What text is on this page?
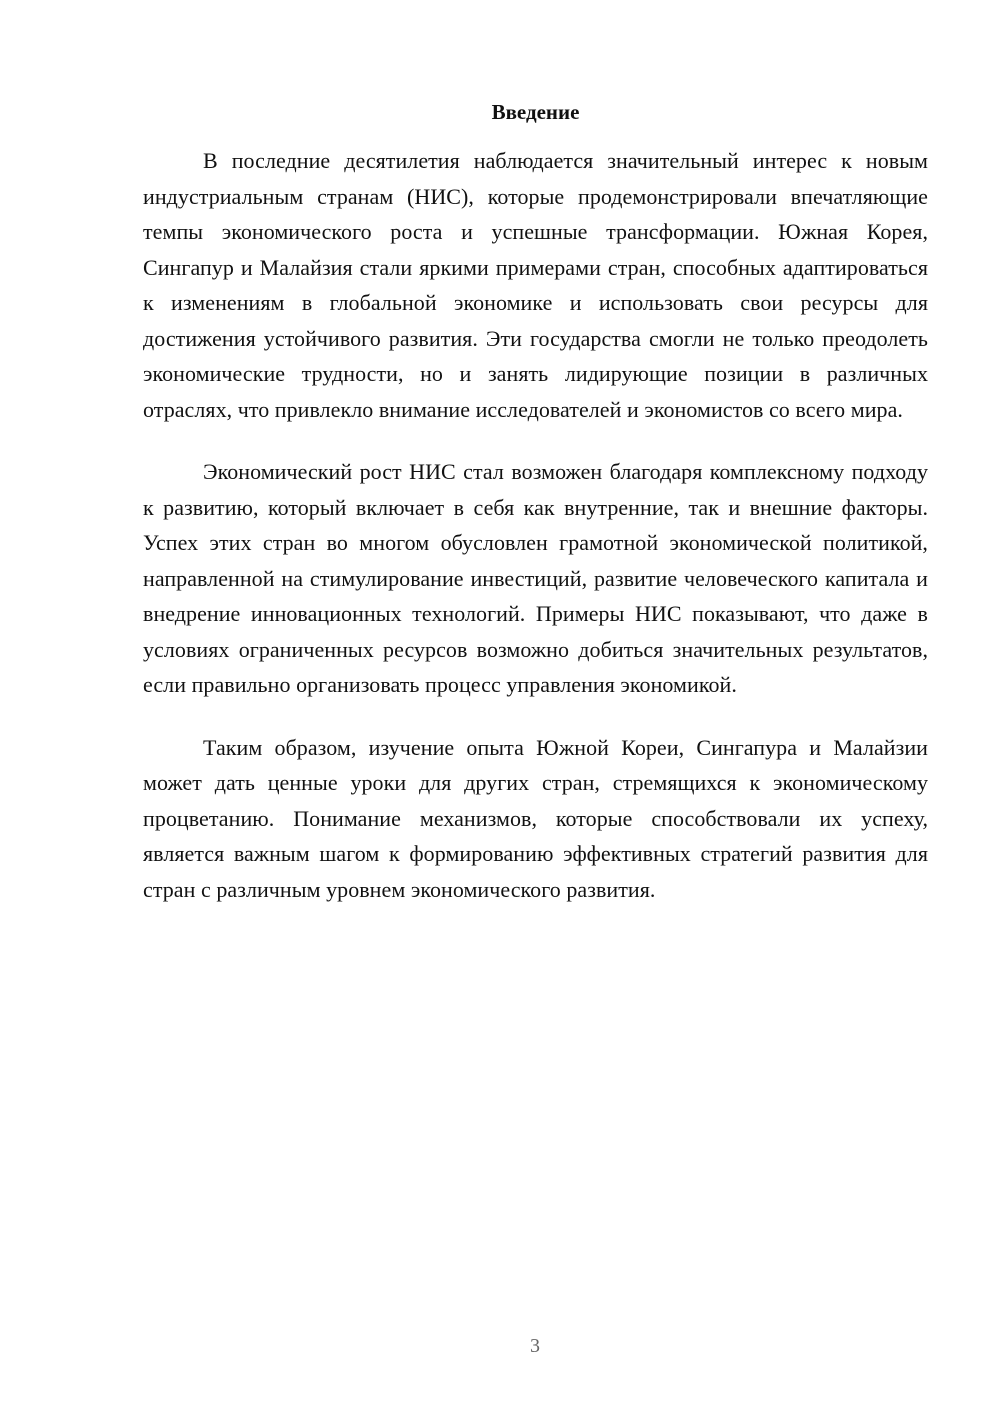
Введение

В последние десятилетия наблюдается значительный интерес к новым индустриальным странам (НИС), которые продемонстрировали впечатляющие темпы экономического роста и успешные трансформации. Южная Корея, Сингапур и Малайзия стали яркими примерами стран, способных адаптироваться к изменениям в глобальной экономике и использовать свои ресурсы для достижения устойчивого развития. Эти государства смогли не только преодолеть экономические трудности, но и занять лидирующие позиции в различных отраслях, что привлекло внимание исследователей и экономистов со всего мира.

Экономический рост НИС стал возможен благодаря комплексному подходу к развитию, который включает в себя как внутренние, так и внешние факторы. Успех этих стран во многом обусловлен грамотной экономической политикой, направленной на стимулирование инвестиций, развитие человеческого капитала и внедрение инновационных технологий. Примеры НИС показывают, что даже в условиях ограниченных ресурсов возможно добиться значительных результатов, если правильно организовать процесс управления экономикой.

Таким образом, изучение опыта Южной Кореи, Сингапура и Малайзии может дать ценные уроки для других стран, стремящихся к экономическому процветанию. Понимание механизмов, которые способствовали их успеху, является важным шагом к формированию эффективных стратегий развития для стран с различным уровнем экономического развития.

3
